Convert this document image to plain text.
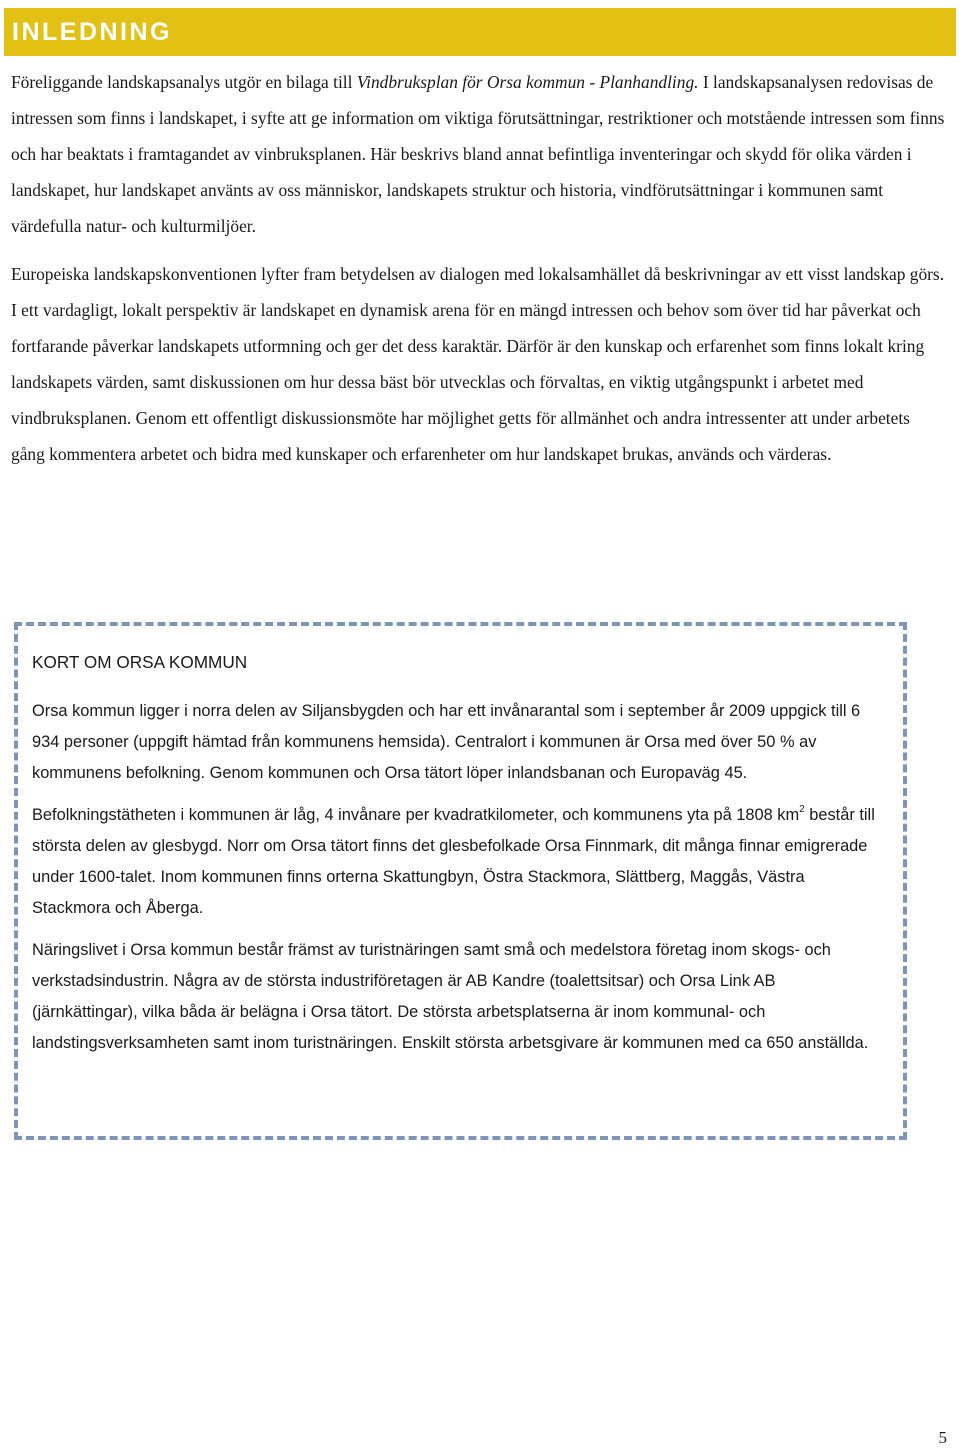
INLEDNING

Föreliggande landskapsanalys utgör en bilaga till Vindbruksplan för Orsa kommun - Planhandling. I landskapsanalysen redovisas de intressen som finns i landskapet, i syfte att ge information om viktiga förutsättningar, restriktioner och motstående intressen som finns och har beaktats i framtagandet av vinbruksplanen. Här beskrivs bland annat befintliga inventeringar och skydd för olika värden i landskapet, hur landskapet använts av oss människor, landskapets struktur och historia, vindförutsättningar i kommunen samt värdefulla natur- och kulturmiljöer.

Europeiska landskapskonventionen lyfter fram betydelsen av dialogen med lokalsamhället då beskrivningar av ett visst landskap görs. I ett vardagligt, lokalt perspektiv är landskapet en dynamisk arena för en mängd intressen och behov som över tid har påverkat och fortfarande påverkar landskapets utformning och ger det dess karaktär. Därför är den kunskap och erfarenhet som finns lokalt kring landskapets värden, samt diskussionen om hur dessa bäst bör utvecklas och förvaltas, en viktig utgångspunkt i arbetet med vindbruksplanen. Genom ett offentligt diskussionsmöte har möjlighet getts för allmänhet och andra intressenter att under arbetets gång kommentera arbetet och bidra med kunskaper och erfarenheter om hur landskapet brukas, används och värderas.

KORT OM ORSA KOMMUN

Orsa kommun ligger i norra delen av Siljansbygden och har ett invånarantal som i september år 2009 uppgick till 6 934 personer (uppgift hämtad från kommunens hemsida). Centralort i kommunen är Orsa med över 50 % av kommunens befolkning. Genom kommunen och Orsa tätort löper inlandsbanan och Europaväg 45.

Befolkningstätheten i kommunen är låg, 4 invånare per kvadratkilometer, och kommunens yta på 1808 $km^2$ består till största delen av glesbygd. Norr om Orsa tätort finns det glesbefolkade Orsa Finnmark, dit många finnar emigrerade under 1600-talet. Inom kommunen finns orterna Skattungbyn, Östra Stackmora, Slättberg, Maggås, Västra Stackmora och Åberga.

Näringslivet i Orsa kommun består främst av turistnäringen samt små och medelstora företag inom skogs- och verkstadsindustrin. Några av de största industriföretagen är AB Kandre (toalettsitsar) och Orsa Link AB (järnkättingar), vilka båda är belägna i Orsa tätort. De största arbetsplatserna är inom kommunal- och landstingsverksamheten samt inom turistnäringen. Enskilt största arbetsgivare är kommunen med ca 650 anställda.

5
